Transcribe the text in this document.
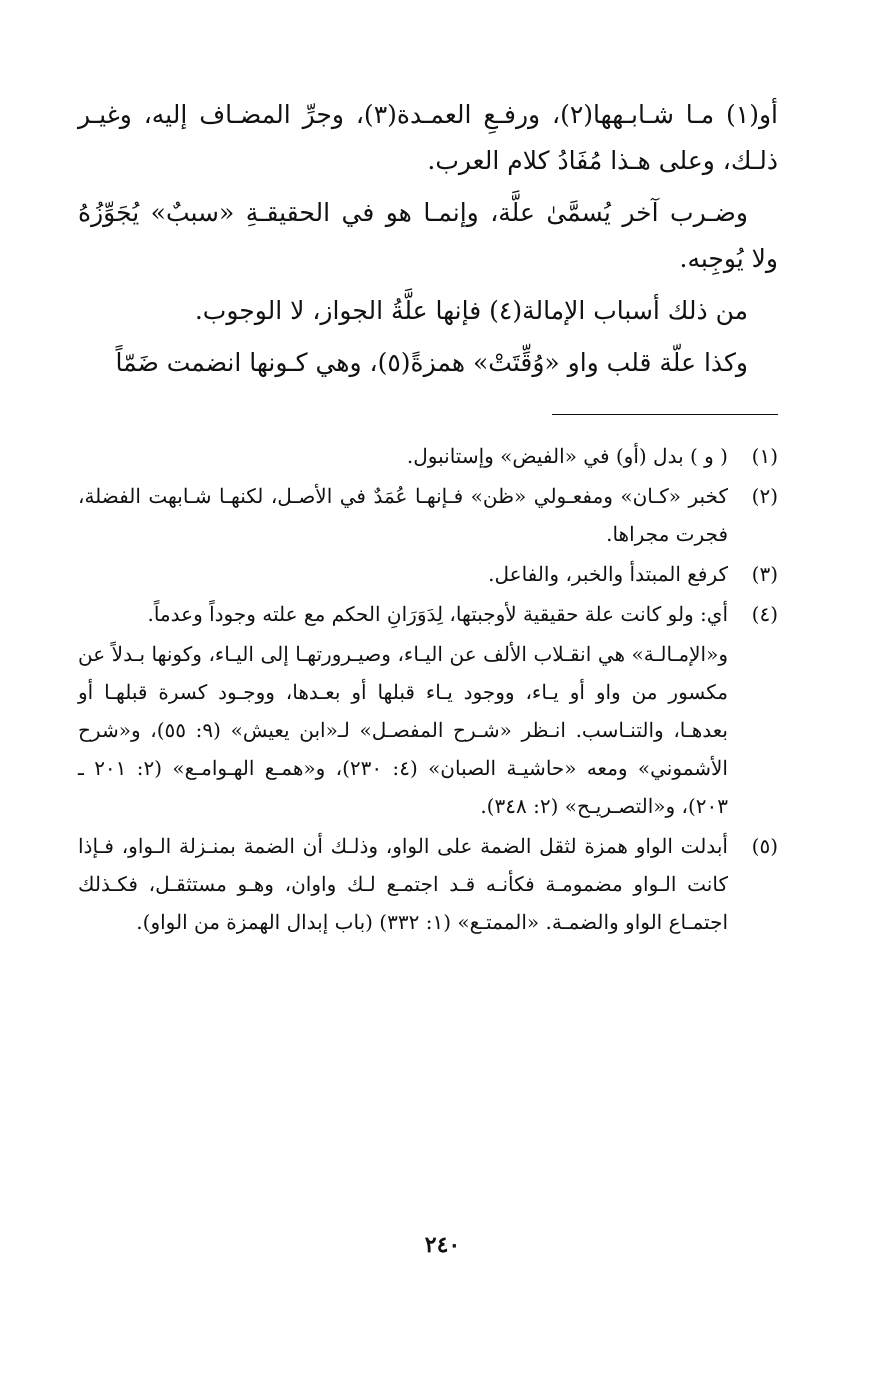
أو(١) مـا شـابـهها(٢)، ورفـعِ العمـدة(٣)، وجرِّ المضـاف إليه، وغيـر ذلـك، وعلى هـذا مُفَادُ كلام العرب.

وضـرب آخر يُسمَّىٰ علَّة، وإنمـا هو في الحقيقـةِ «سببٌ» يُجَوِّزُهُ ولا يُوجِبه.

من ذلك أسباب الإمالة(٤) فإنها علَّةُ الجواز، لا الوجوب.

وكذا علّة قلب واو «وُقِّتَتْ» همزةً(٥)، وهي كـونها انضمت ضَمّاً

(١)

( و ) بدل (أو) في «الفيض» وإستانبول.

(٢)

كخبر «كـان» ومفعـولي «ظن» فـإنهـا عُمَدٌ في الأصـل، لكنهـا شـابهت الفضلة، فجرت مجراها.

(٣)

كرفع المبتدأ والخبر، والفاعل.

(٤)

أي: ولو كانت علة حقيقية لأوجبتها، لِدَوَرَانِ الحكم مع علته وجوداً وعدماً.

و«الإمـالـة» هي انقـلاب الألف عن اليـاء، وصيـرورتهـا إلى اليـاء، وكونها بـدلاً عن مكسور من واو أو يـاء، ووجود يـاء قبلها أو بعـدها، ووجـود كسرة قبلهـا أو بعدهـا، والتنـاسب. انـظر «شـرح المفصـل» لـ«ابن يعيش» (٩: ٥٥)، و«شرح الأشموني» ومعه «حاشيـة الصبان» (٤: ٢٣٠)، و«همـع الهـوامـع» (٢: ٢٠١ ـ ٢٠٣)، و«التصـريـح» (٢: ٣٤٨).

(٥)

أبدلت الواو همزة لثقل الضمة على الواو، وذلـك أن الضمة بمنـزلة الـواو، فـإذا كانت الـواو مضمومـة فكأنـه قـد اجتمـع لـك واوان، وهـو مستثقـل، فكـذلك اجتمـاع الواو والضمـة. «الممتـع» (١: ٣٣٢) (باب إبدال الهمزة من الواو).

٢٤٠
